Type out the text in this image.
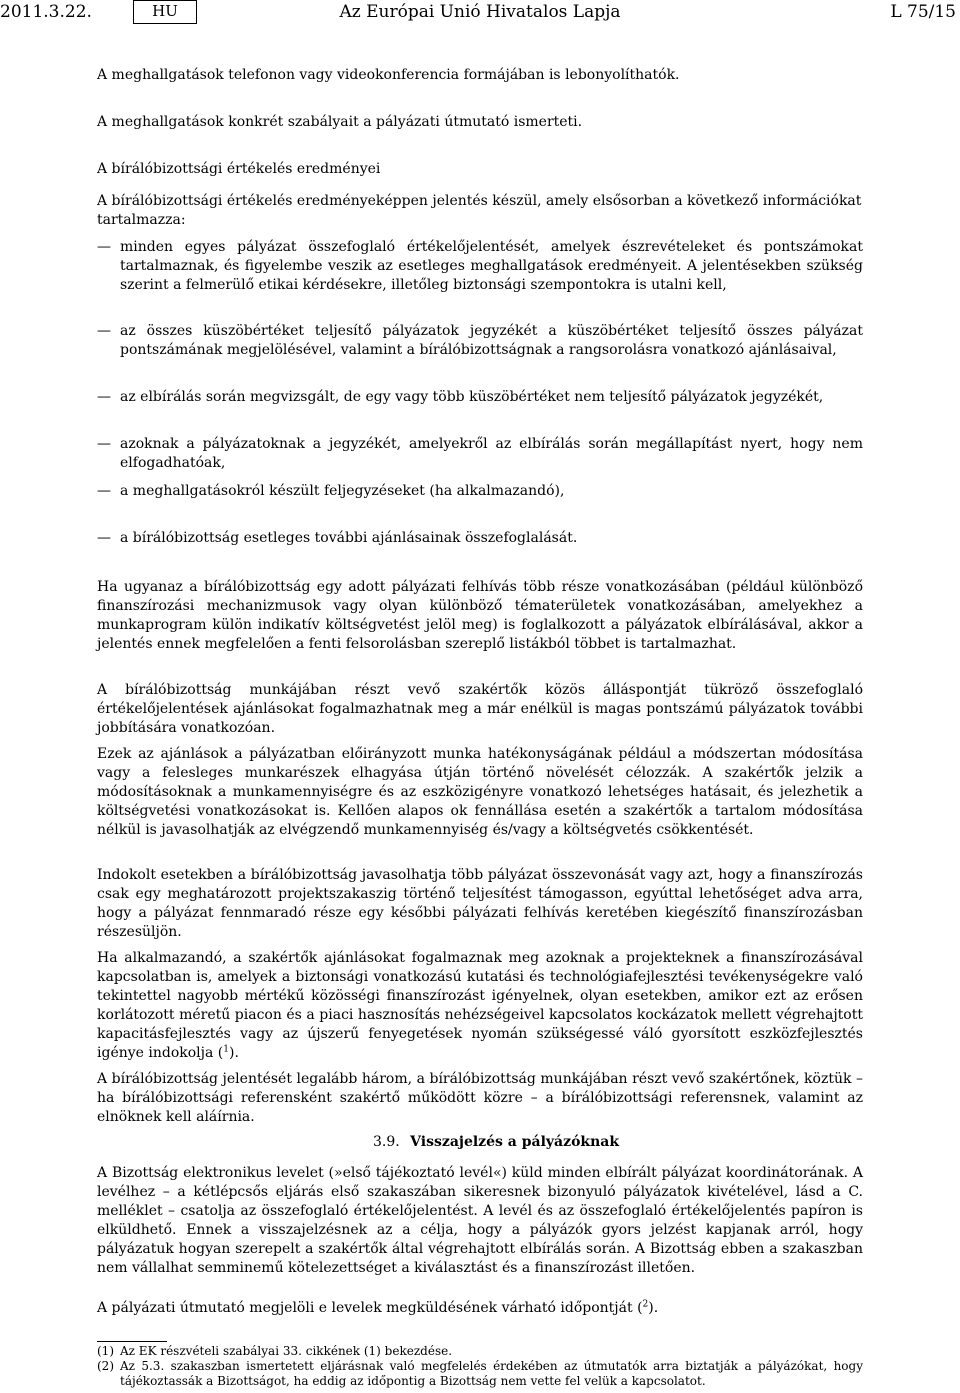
2011.3.22.	HU	Az Európai Unió Hivatalos Lapja	L 75/15
A meghallgatások telefonon vagy videokonferencia formájában is lebonyolíthatók.
A meghallgatások konkrét szabályait a pályázati útmutató ismerteti.
A bírálóbizottsági értékelés eredményei
A bírálóbizottsági értékelés eredményeképpen jelentés készül, amely elsősorban a következő információkat tartalmazza:
— minden egyes pályázat összefoglaló értékelőjelentését, amelyek észrevételeket és pontszámokat tartalmaznak, és figyelembe veszik az esetleges meghallgatások eredményeit. A jelentésekben szükség szerint a felmerülő etikai kérdésekre, illetőleg biztonsági szempontokra is utalni kell,
— az összes küszöbértéket teljesítő pályázatok jegyzékét a küszöbértéket teljesítő összes pályázat pontszámának megjelölésével, valamint a bírálóbizottságnak a rangsorolásra vonatkozó ajánlásaival,
— az elbírálás során megvizsgált, de egy vagy több küszöbértéket nem teljesítő pályázatok jegyzékét,
— azoknak a pályázatoknak a jegyzékét, amelyekről az elbírálás során megállapítást nyert, hogy nem elfogadhatóak,
— a meghallgatásokról készült feljegyzéseket (ha alkalmazandó),
— a bírálóbizottság esetleges további ajánlásainak összefoglalását.
Ha ugyanaz a bírálóbizottság egy adott pályázati felhívás több része vonatkozásában (például különböző finanszírozási mechanizmusok vagy olyan különböző tématerületek vonatkozásában, amelyekhez a munkaprogram külön indikatív költségvetést jelöl meg) is foglalkozott a pályázatok elbírálásával, akkor a jelentés ennek megfelelően a fenti felsorolásban szereplő listákból többet is tartalmazhat.
A bírálóbizottság munkájában részt vevő szakértők közös álláspontját tükröző összefoglaló értékelőjelentések ajánlásokat fogalmazhatnak meg a már enélkül is magas pontszámú pályázatok további jobbítására vonatkozóan.
Ezek az ajánlások a pályázatban előirányzott munka hatékonyságának például a módszertan módosítása vagy a felesleges munkarészek elhagyása útján történő növelését célozzák. A szakértők jelzik a módosításoknak a munkamennyiségre és az eszközigényre vonatkozó lehetséges hatásait, és jelezhetik a költségvetési vonatkozásokat is. Kellően alapos ok fennállása esetén a szakértők a tartalom módosítása nélkül is javasolhatják az elvégzendő munkamennyiség és/vagy a költségvetés csökkentését.
Indokolt esetekben a bírálóbizottság javasolhatja több pályázat összevonását vagy azt, hogy a finanszírozás csak egy meghatározott projektszakaszig történő teljesítést támogasson, egyúttal lehetőséget adva arra, hogy a pályázat fennmaradó része egy későbbi pályázati felhívás keretében kiegészítő finanszírozásban részesüljön.
Ha alkalmazandó, a szakértők ajánlásokat fogalmaznak meg azoknak a projekteknek a finanszírozásával kapcsolatban is, amelyek a biztonsági vonatkozású kutatási és technológiafejlesztési tevékenységekre való tekintettel nagyobb mértékű közösségi finanszírozást igényelnek, olyan esetekben, amikor ezt az erősen korlátozott méretű piacon és a piaci hasznosítás nehézségeivel kapcsolatos kockázatok mellett végrehajtott kapacitásfejlesztés vagy az újszerű fenyegetések nyomán szükségessé váló gyorsított eszközfejlesztés igénye indokolja ($^1$).
A bírálóbizottság jelentését legalább három, a bírálóbizottság munkájában részt vevő szakértőnek, köztük – ha bírálóbizottsági referensként szakértő működött közre – a bírálóbizottsági referensnek, valamint az elnöknek kell aláírnia.
3.9. Visszajelzés a pályázóknak
A Bizottság elektronikus levelet (»első tájékoztató levél«) küld minden elbírált pályázat koordinátorának. A levélhez – a kétlépcsős eljárás első szakaszában sikeresnek bizonyuló pályázatok kivételével, lásd a C. melléklet – csatolja az összefoglaló értékelőjelentést. A levél és az összefoglaló értékelőjelentés papíron is elküldhető. Ennek a visszajelzésnek az a célja, hogy a pályázók gyors jelzést kapjanak arról, hogy pályázatuk hogyan szerepelt a szakértők által végrehajtott elbírálás során. A Bizottság ebben a szakaszban nem vállalhat semminemű kötelezettséget a kiválasztást és a finanszírozást illetően.
A pályázati útmutató megjelöli e levelek megküldésének várható időpontját ($^2$).
(1) Az EK részvételi szabályai 33. cikkének (1) bekezdése.
(2) Az 5.3. szakaszban ismertetett eljárásnak való megfelelés érdekében az útmutatók arra biztatják a pályázókat, hogy tájékoztassák a Bizottságot, ha eddig az időpontig a Bizottság nem vette fel velük a kapcsolatot.
